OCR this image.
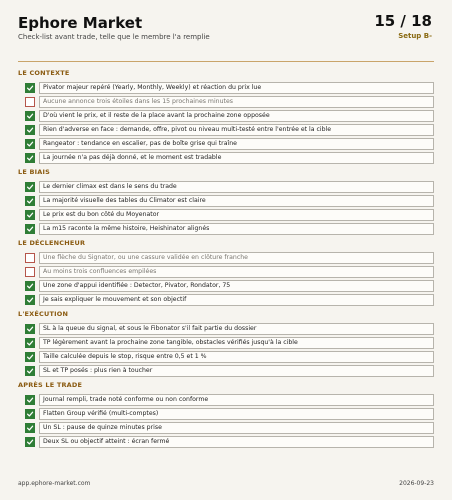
Ephore Market
Check-list avant trade, telle que le membre l'a remplie
15 / 18
Setup B-
LE CONTEXTE
Pivator majeur repéré (Yearly, Monthly, Weekly) et réaction du prix lue
Aucune annonce trois étoiles dans les 15 prochaines minutes
D'où vient le prix, et il reste de la place avant la prochaine zone opposée
Rien d'adverse en face : demande, offre, pivot ou niveau multi-testé entre l'entrée et la cible
Rangeator : tendance en escalier, pas de boîte grise qui traîne
La journée n'a pas déjà donné, et le moment est tradable
LE BIAIS
Le dernier climax est dans le sens du trade
La majorité visuelle des tables du Climator est claire
Le prix est du bon côté du Moyenator
La m15 raconte la même histoire, Heishinator alignés
LE DÉCLENCHEUR
Une flèche du Signator, ou une cassure validée en clôture franche
Au moins trois confluences empilées
Une zone d'appui identifiée : Detector, Pivator, Rondator, 75
Je sais expliquer le mouvement et son objectif
L'EXÉCUTION
SL à la queue du signal, et sous le Fibonator s'il fait partie du dossier
TP légèrement avant la prochaine zone tangible, obstacles vérifiés jusqu'à la cible
Taille calculée depuis le stop, risque entre 0,5 et 1 %
SL et TP posés : plus rien à toucher
APRÈS LE TRADE
Journal rempli, trade noté conforme ou non conforme
Flatten Group vérifié (multi-comptes)
Un SL : pause de quinze minutes prise
Deux SL ou objectif atteint : écran fermé
app.ephore-market.com	2026-09-23
